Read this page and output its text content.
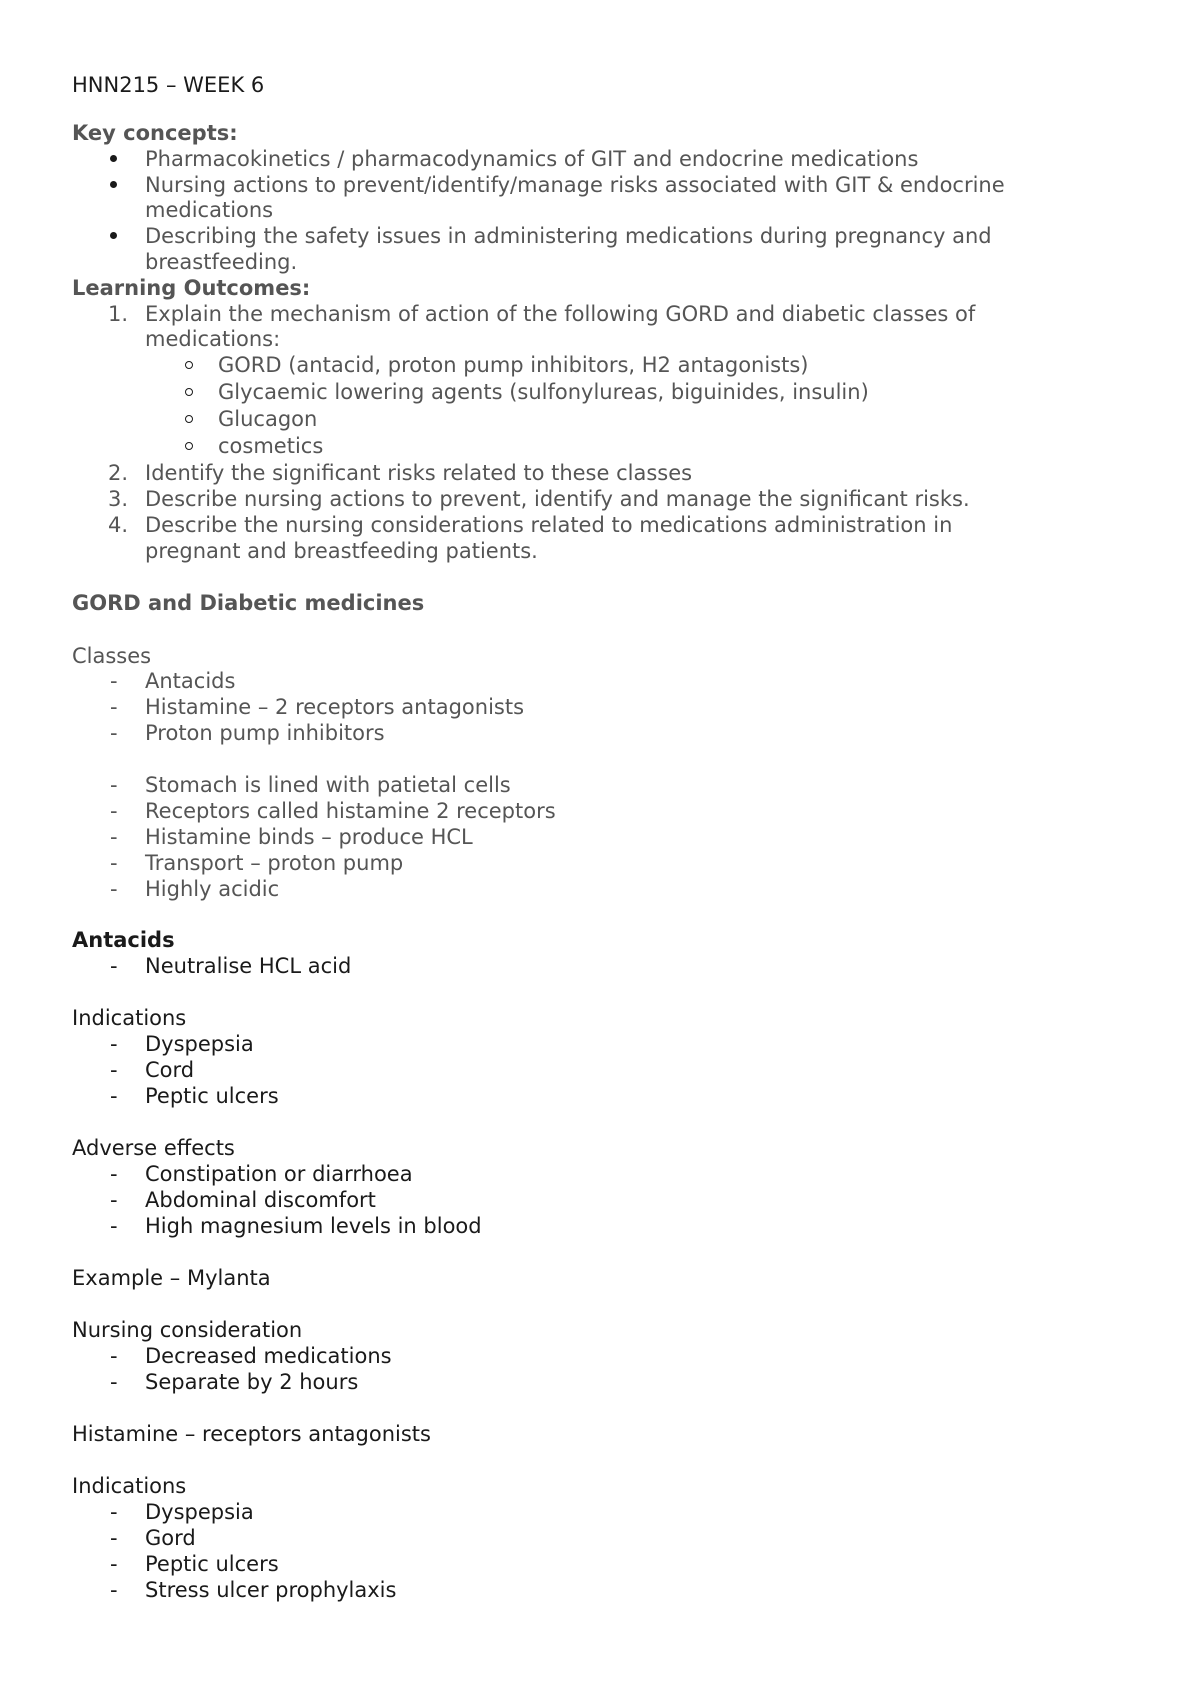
HNN215 – WEEK 6
Key concepts:
Pharmacokinetics / pharmacodynamics of GIT and endocrine medications
Nursing actions to prevent/identify/manage risks associated with GIT & endocrine
medications
Describing the safety issues in administering medications during pregnancy and
breastfeeding.
Learning Outcomes:
1. Explain the mechanism of action of the following GORD and diabetic classes of
medications:
GORD (antacid, proton pump inhibitors, H2 antagonists)
Glycaemic lowering agents (sulfonylureas, biguinides, insulin)
Glucagon
cosmetics
2. Identify the significant risks related to these classes
3. Describe nursing actions to prevent, identify and manage the significant risks.
4. Describe the nursing considerations related to medications administration in
pregnant and breastfeeding patients.
GORD and Diabetic medicines
Classes
- Antacids
- Histamine – 2 receptors antagonists
- Proton pump inhibitors
- Stomach is lined with patietal cells
- Receptors called histamine 2 receptors
- Histamine binds – produce HCL
- Transport – proton pump
- Highly acidic
Antacids
- Neutralise HCL acid
Indications
- Dyspepsia
- Cord
- Peptic ulcers
Adverse effects
- Constipation or diarrhoea
- Abdominal discomfort
- High magnesium levels in blood
Example – Mylanta
Nursing consideration
- Decreased medications
- Separate by 2 hours
Histamine – receptors antagonists
Indications
- Dyspepsia
- Gord
- Peptic ulcers
- Stress ulcer prophylaxis
